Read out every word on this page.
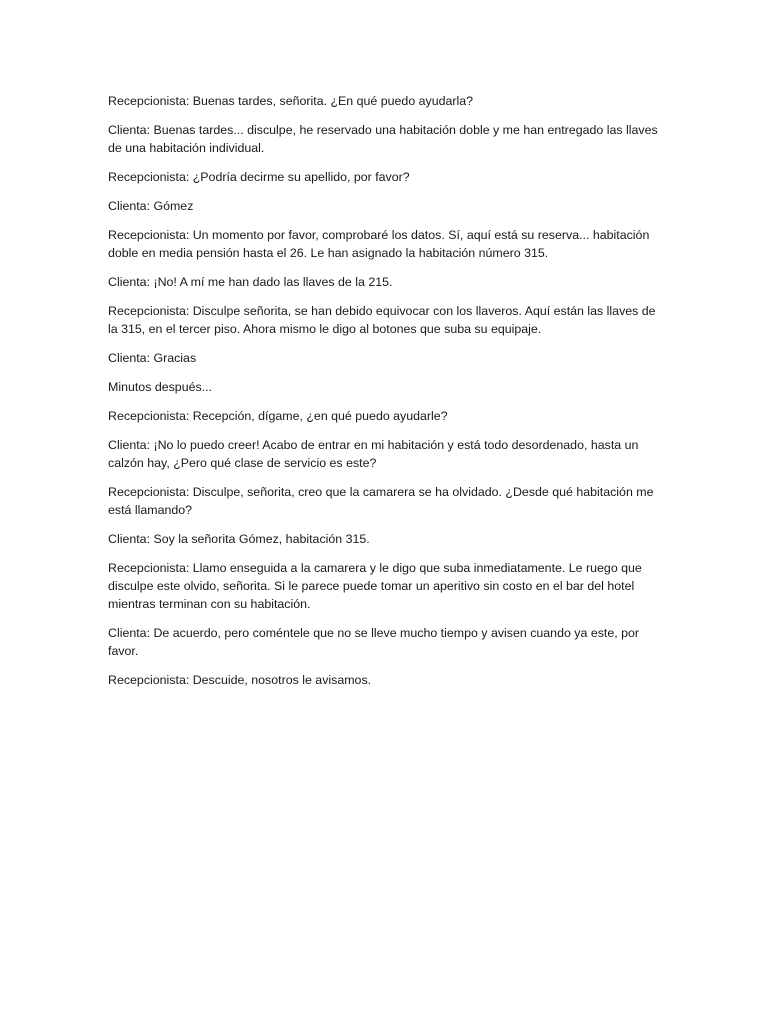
Recepcionista: Buenas tardes, señorita. ¿En qué puedo ayudarla?

Clienta: Buenas tardes... disculpe, he reservado una habitación doble y me han entregado las llaves de una habitación individual.

Recepcionista: ¿Podría decirme su apellido, por favor?

Clienta: Gómez

Recepcionista: Un momento por favor, comprobaré los datos. Sí, aquí está su reserva... habitación doble en media pensión hasta el 26. Le han asignado la habitación número 315.

Clienta: ¡No! A mí me han dado las llaves de la 215.

Recepcionista: Disculpe señorita, se han debido equivocar con los llaveros. Aquí están las llaves de la 315, en el tercer piso. Ahora mismo le digo al botones que suba su equipaje.

Clienta: Gracias

Minutos después...

Recepcionista: Recepción, dígame, ¿en qué puedo ayudarle?

Clienta: ¡No lo puedo creer! Acabo de entrar en mi habitación y está todo desordenado, hasta un calzón hay, ¿Pero qué clase de servicio es este?

Recepcionista: Disculpe, señorita, creo que la camarera se ha olvidado. ¿Desde qué habitación me está llamando?

Clienta: Soy la señorita Gómez, habitación 315.

Recepcionista: Llamo enseguida a la camarera y le digo que suba inmediatamente. Le ruego que disculpe este olvido, señorita. Si le parece puede tomar un aperitivo sin costo en el bar del hotel mientras terminan con su habitación.

Clienta: De acuerdo, pero coméntele que no se lleve mucho tiempo y avisen cuando ya este, por favor.

Recepcionista: Descuide, nosotros le avisamos.
